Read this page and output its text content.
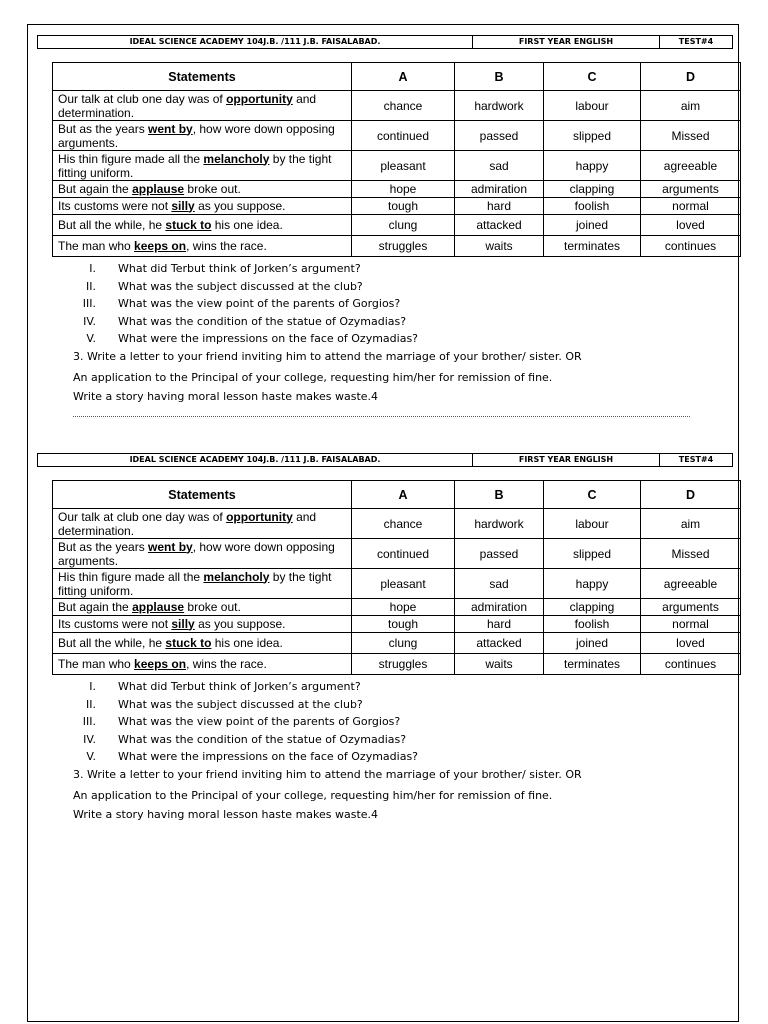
IDEAL SCIENCE ACADEMY 104J.B. /111 J.B. FAISALABAD.	FIRST YEAR ENGLISH	TEST#4
Statements	A	B	C	D
Our talk at club one day was of opportunity and determination.	chance	hardwork	labour	aim
But as the years went by, how wore down opposing arguments.	continued	passed	slipped	Missed
His thin figure made all the melancholy by the tight fitting uniform.	pleasant	sad	happy	agreeable
But again the applause broke out.	hope	admiration	clapping	arguments
Its customs were not silly as you suppose.	tough	hard	foolish	normal
But all the while, he stuck to his one idea.	clung	attacked	joined	loved
The man who keeps on, wins the race.	struggles	waits	terminates	continues
I. What did Terbut think of Jorken’s argument?
II. What was the subject discussed at the club?
III. What was the view point of the parents of Gorgios?
IV. What was the condition of the statue of Ozymadias?
V. What were the impressions on the face of Ozymadias?
3. Write a letter to your friend inviting him to attend the marriage of your brother/ sister. OR
An application to the Principal of your college, requesting him/her for remission of fine.
Write a story having moral lesson haste makes waste.4
IDEAL SCIENCE ACADEMY 104J.B. /111 J.B. FAISALABAD.	FIRST YEAR ENGLISH	TEST#4
Statements	A	B	C	D
Our talk at club one day was of opportunity and determination.	chance	hardwork	labour	aim
But as the years went by, how wore down opposing arguments.	continued	passed	slipped	Missed
His thin figure made all the melancholy by the tight fitting uniform.	pleasant	sad	happy	agreeable
But again the applause broke out.	hope	admiration	clapping	arguments
Its customs were not silly as you suppose.	tough	hard	foolish	normal
But all the while, he stuck to his one idea.	clung	attacked	joined	loved
The man who keeps on, wins the race.	struggles	waits	terminates	continues
I. What did Terbut think of Jorken’s argument?
II. What was the subject discussed at the club?
III. What was the view point of the parents of Gorgios?
IV. What was the condition of the statue of Ozymadias?
V. What were the impressions on the face of Ozymadias?
3. Write a letter to your friend inviting him to attend the marriage of your brother/ sister. OR
An application to the Principal of your college, requesting him/her for remission of fine.
Write a story having moral lesson haste makes waste.4
